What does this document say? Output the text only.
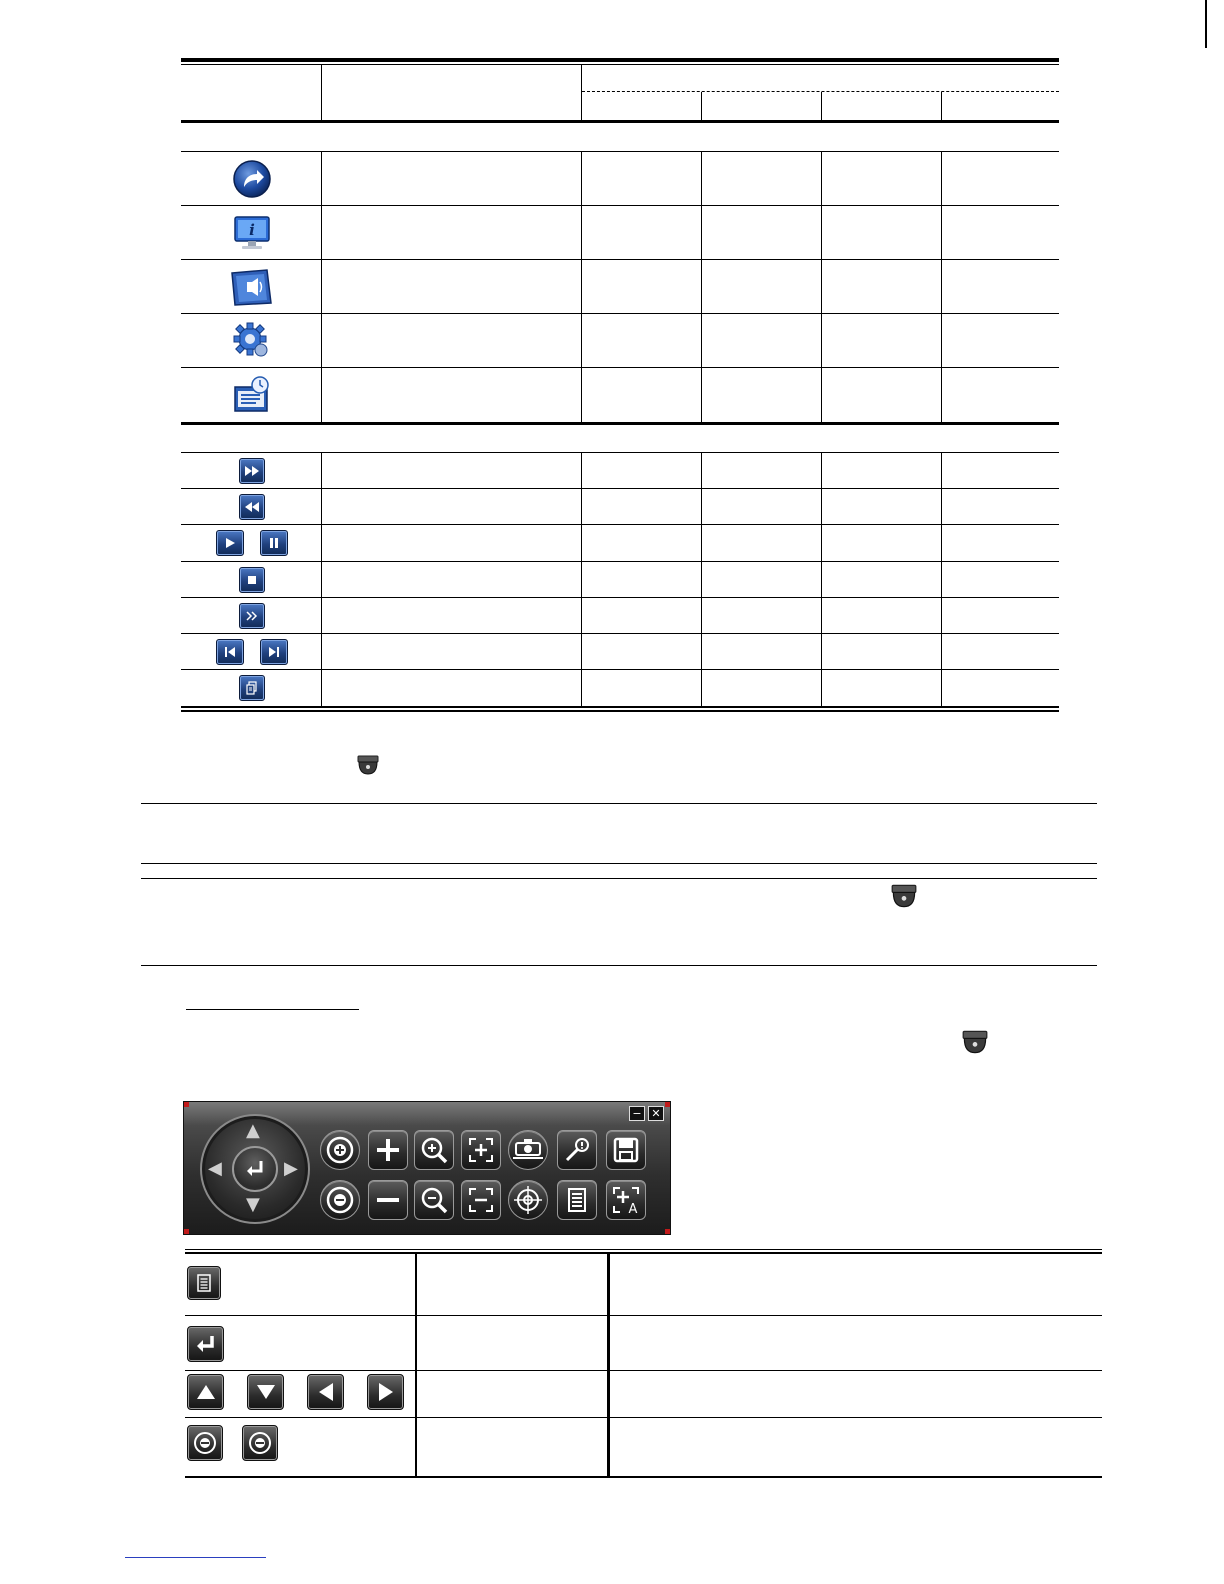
i
− ✕
▲
▼
◀	▶
A
